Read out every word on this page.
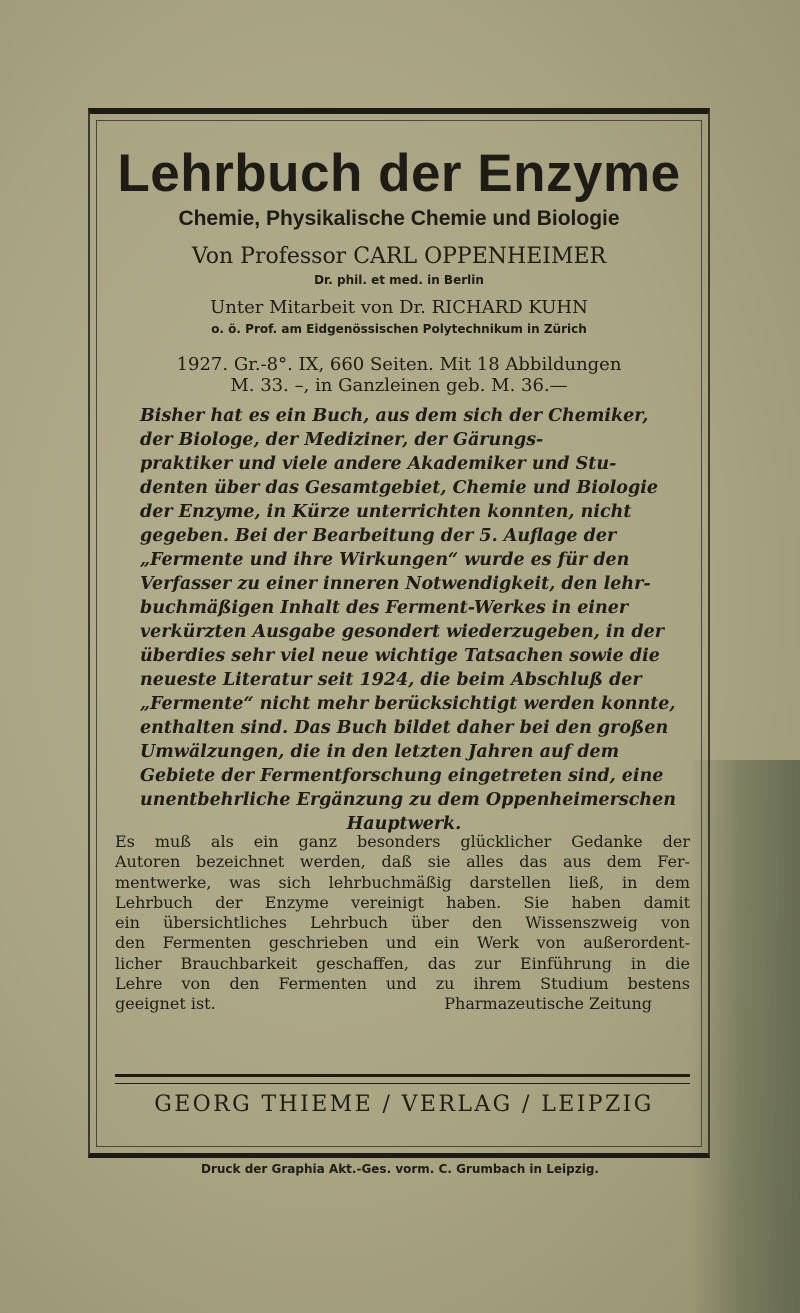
Lehrbuch der Enzyme
Chemie, Physikalische Chemie und Biologie
Von Professor CARL OPPENHEIMER
Dr. phil. et med. in Berlin
Unter Mitarbeit von Dr. RICHARD KUHN
o. ö. Prof. am Eidgenössischen Polytechnikum in Zürich
1927. Gr.-8°. IX, 660 Seiten. Mit 18 Abbildungen
M. 33. –, in Ganzleinen geb. M. 36.—
Bisher hat es ein Buch, aus dem sich der Chemiker,
der Biologe, der Mediziner, der Gärungs-
praktiker und viele andere Akademiker und Stu-
denten über das Gesamtgebiet, Chemie und Biologie
der Enzyme, in Kürze unterrichten konnten, nicht
gegeben. Bei der Bearbeitung der 5. Auflage der
„Fermente und ihre Wirkungen“ wurde es für den
Verfasser zu einer inneren Notwendigkeit, den lehr-
buchmäßigen Inhalt des Ferment-Werkes in einer
verkürzten Ausgabe gesondert wiederzugeben, in der
überdies sehr viel neue wichtige Tatsachen sowie die
neueste Literatur seit 1924, die beim Abschluß der
„Fermente“ nicht mehr berücksichtigt werden konnte,
enthalten sind. Das Buch bildet daher bei den großen
Umwälzungen, die in den letzten Jahren auf dem
Gebiete der Fermentforschung eingetreten sind, eine
unentbehrliche Ergänzung zu dem Oppenheimerschen
Hauptwerk.
Es muß als ein ganz besonders glücklicher Gedanke der
Autoren bezeichnet werden, daß sie alles das aus dem Fer-
mentwerke, was sich lehrbuchmäßig darstellen ließ, in dem
Lehrbuch der Enzyme vereinigt haben. Sie haben damit
ein übersichtliches Lehrbuch über den Wissenszweig von
den Fermenten geschrieben und ein Werk von außerordent-
licher Brauchbarkeit geschaffen, das zur Einführung in die
Lehre von den Fermenten und zu ihrem Studium bestens
geeignet ist.	Pharmazeutische Zeitung
GEORG THIEME / VERLAG / LEIPZIG
Druck der Graphia Akt.-Ges. vorm. C. Grumbach in Leipzig.
